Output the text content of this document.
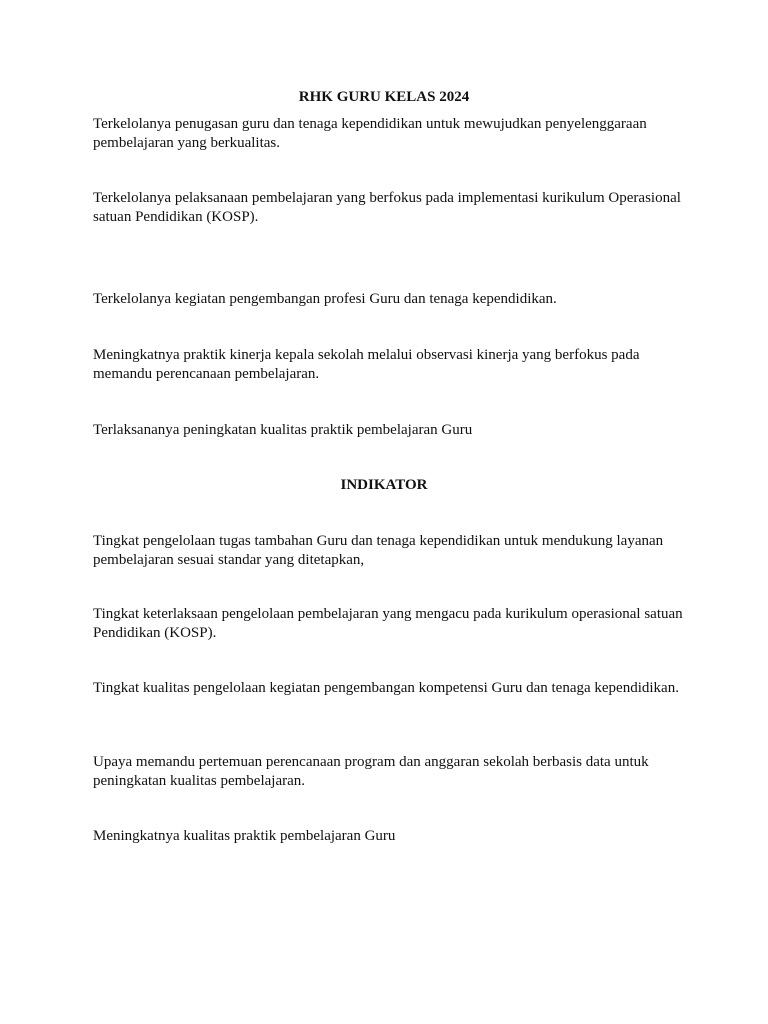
RHK GURU KELAS 2024

Terkelolanya penugasan guru dan tenaga kependidikan untuk mewujudkan penyelenggaraan pembelajaran yang berkualitas.

Terkelolanya pelaksanaan pembelajaran yang berfokus pada implementasi kurikulum Operasional satuan Pendidikan (KOSP).

Terkelolanya kegiatan pengembangan profesi Guru dan tenaga kependidikan.

Meningkatnya praktik kinerja kepala sekolah melalui observasi kinerja yang berfokus pada memandu perencanaan pembelajaran.

Terlaksananya peningkatan kualitas praktik pembelajaran Guru

INDIKATOR

Tingkat pengelolaan tugas tambahan Guru dan tenaga kependidikan untuk mendukung layanan pembelajaran sesuai standar yang ditetapkan,

Tingkat keterlaksaan pengelolaan pembelajaran yang mengacu pada kurikulum operasional satuan Pendidikan (KOSP).

Tingkat kualitas pengelolaan kegiatan pengembangan kompetensi Guru dan tenaga kependidikan.

Upaya memandu pertemuan perencanaan program dan anggaran sekolah berbasis data untuk peningkatan kualitas pembelajaran.

Meningkatnya kualitas praktik pembelajaran Guru
